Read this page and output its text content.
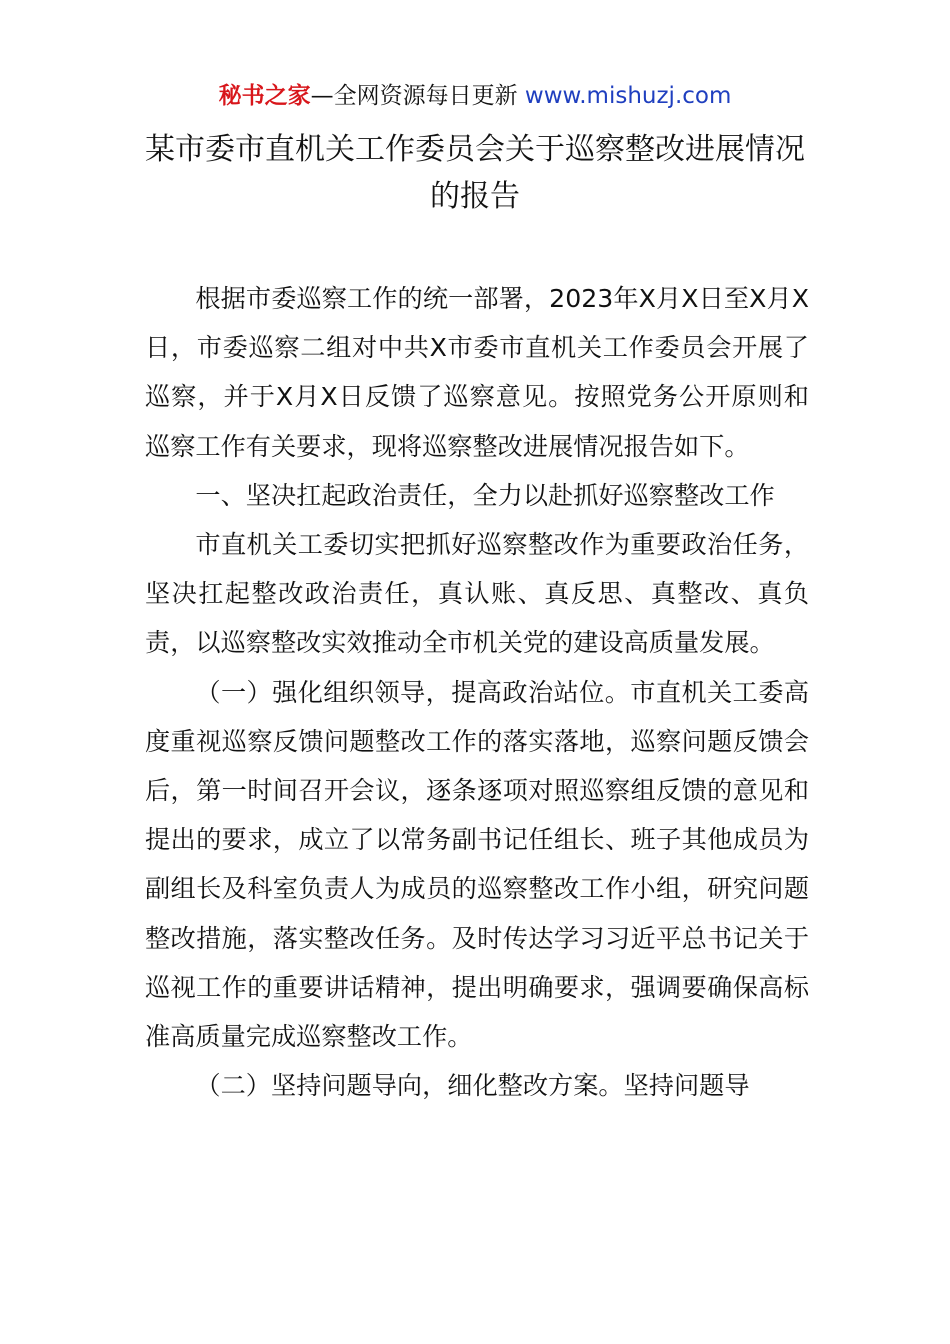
秘书之家—全网资源每日更新 www.mishuzj.com
某市委市直机关工作委员会关于巡察整改进展情况的报告

根据市委巡察工作的统一部署，2023年X月X日至X月X日，市委巡察二组对中共X市委市直机关工作委员会开展了巡察，并于X月X日反馈了巡察意见。按照党务公开原则和巡察工作有关要求，现将巡察整改进展情况报告如下。

一、坚决扛起政治责任，全力以赴抓好巡察整改工作

市直机关工委切实把抓好巡察整改作为重要政治任务，坚决扛起整改政治责任，真认账、真反思、真整改、真负责，以巡察整改实效推动全市机关党的建设高质量发展。

（一）强化组织领导，提高政治站位。市直机关工委高度重视巡察反馈问题整改工作的落实落地，巡察问题反馈会后，第一时间召开会议，逐条逐项对照巡察组反馈的意见和提出的要求，成立了以常务副书记任组长、班子其他成员为副组长及科室负责人为成员的巡察整改工作小组，研究问题整改措施，落实整改任务。及时传达学习习近平总书记关于巡视工作的重要讲话精神，提出明确要求，强调要确保高标准高质量完成巡察整改工作。

（二）坚持问题导向，细化整改方案。坚持问题导
